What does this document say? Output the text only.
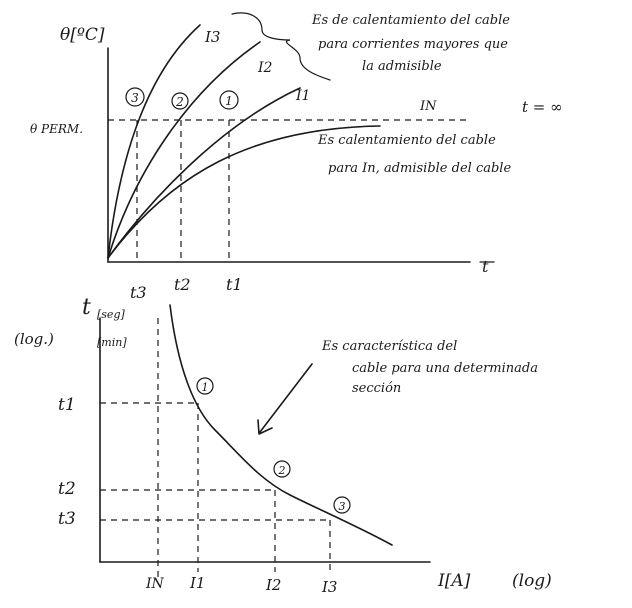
θ[ºC]
t
θ PERM.
I3
I2
I1
IN	t = ∞
3	2	1
t3 t2 t1
Es de calentamiento del cable
para corrientes mayores que
la admisible
Es calentamiento del cable
para In, admisible del cable
t [seg]
[min]
(log.)
I[A] (log)
1
2
3
t1
t2
t3
IN I1	I2	I3
Es característica del
cable para una determinada
sección
